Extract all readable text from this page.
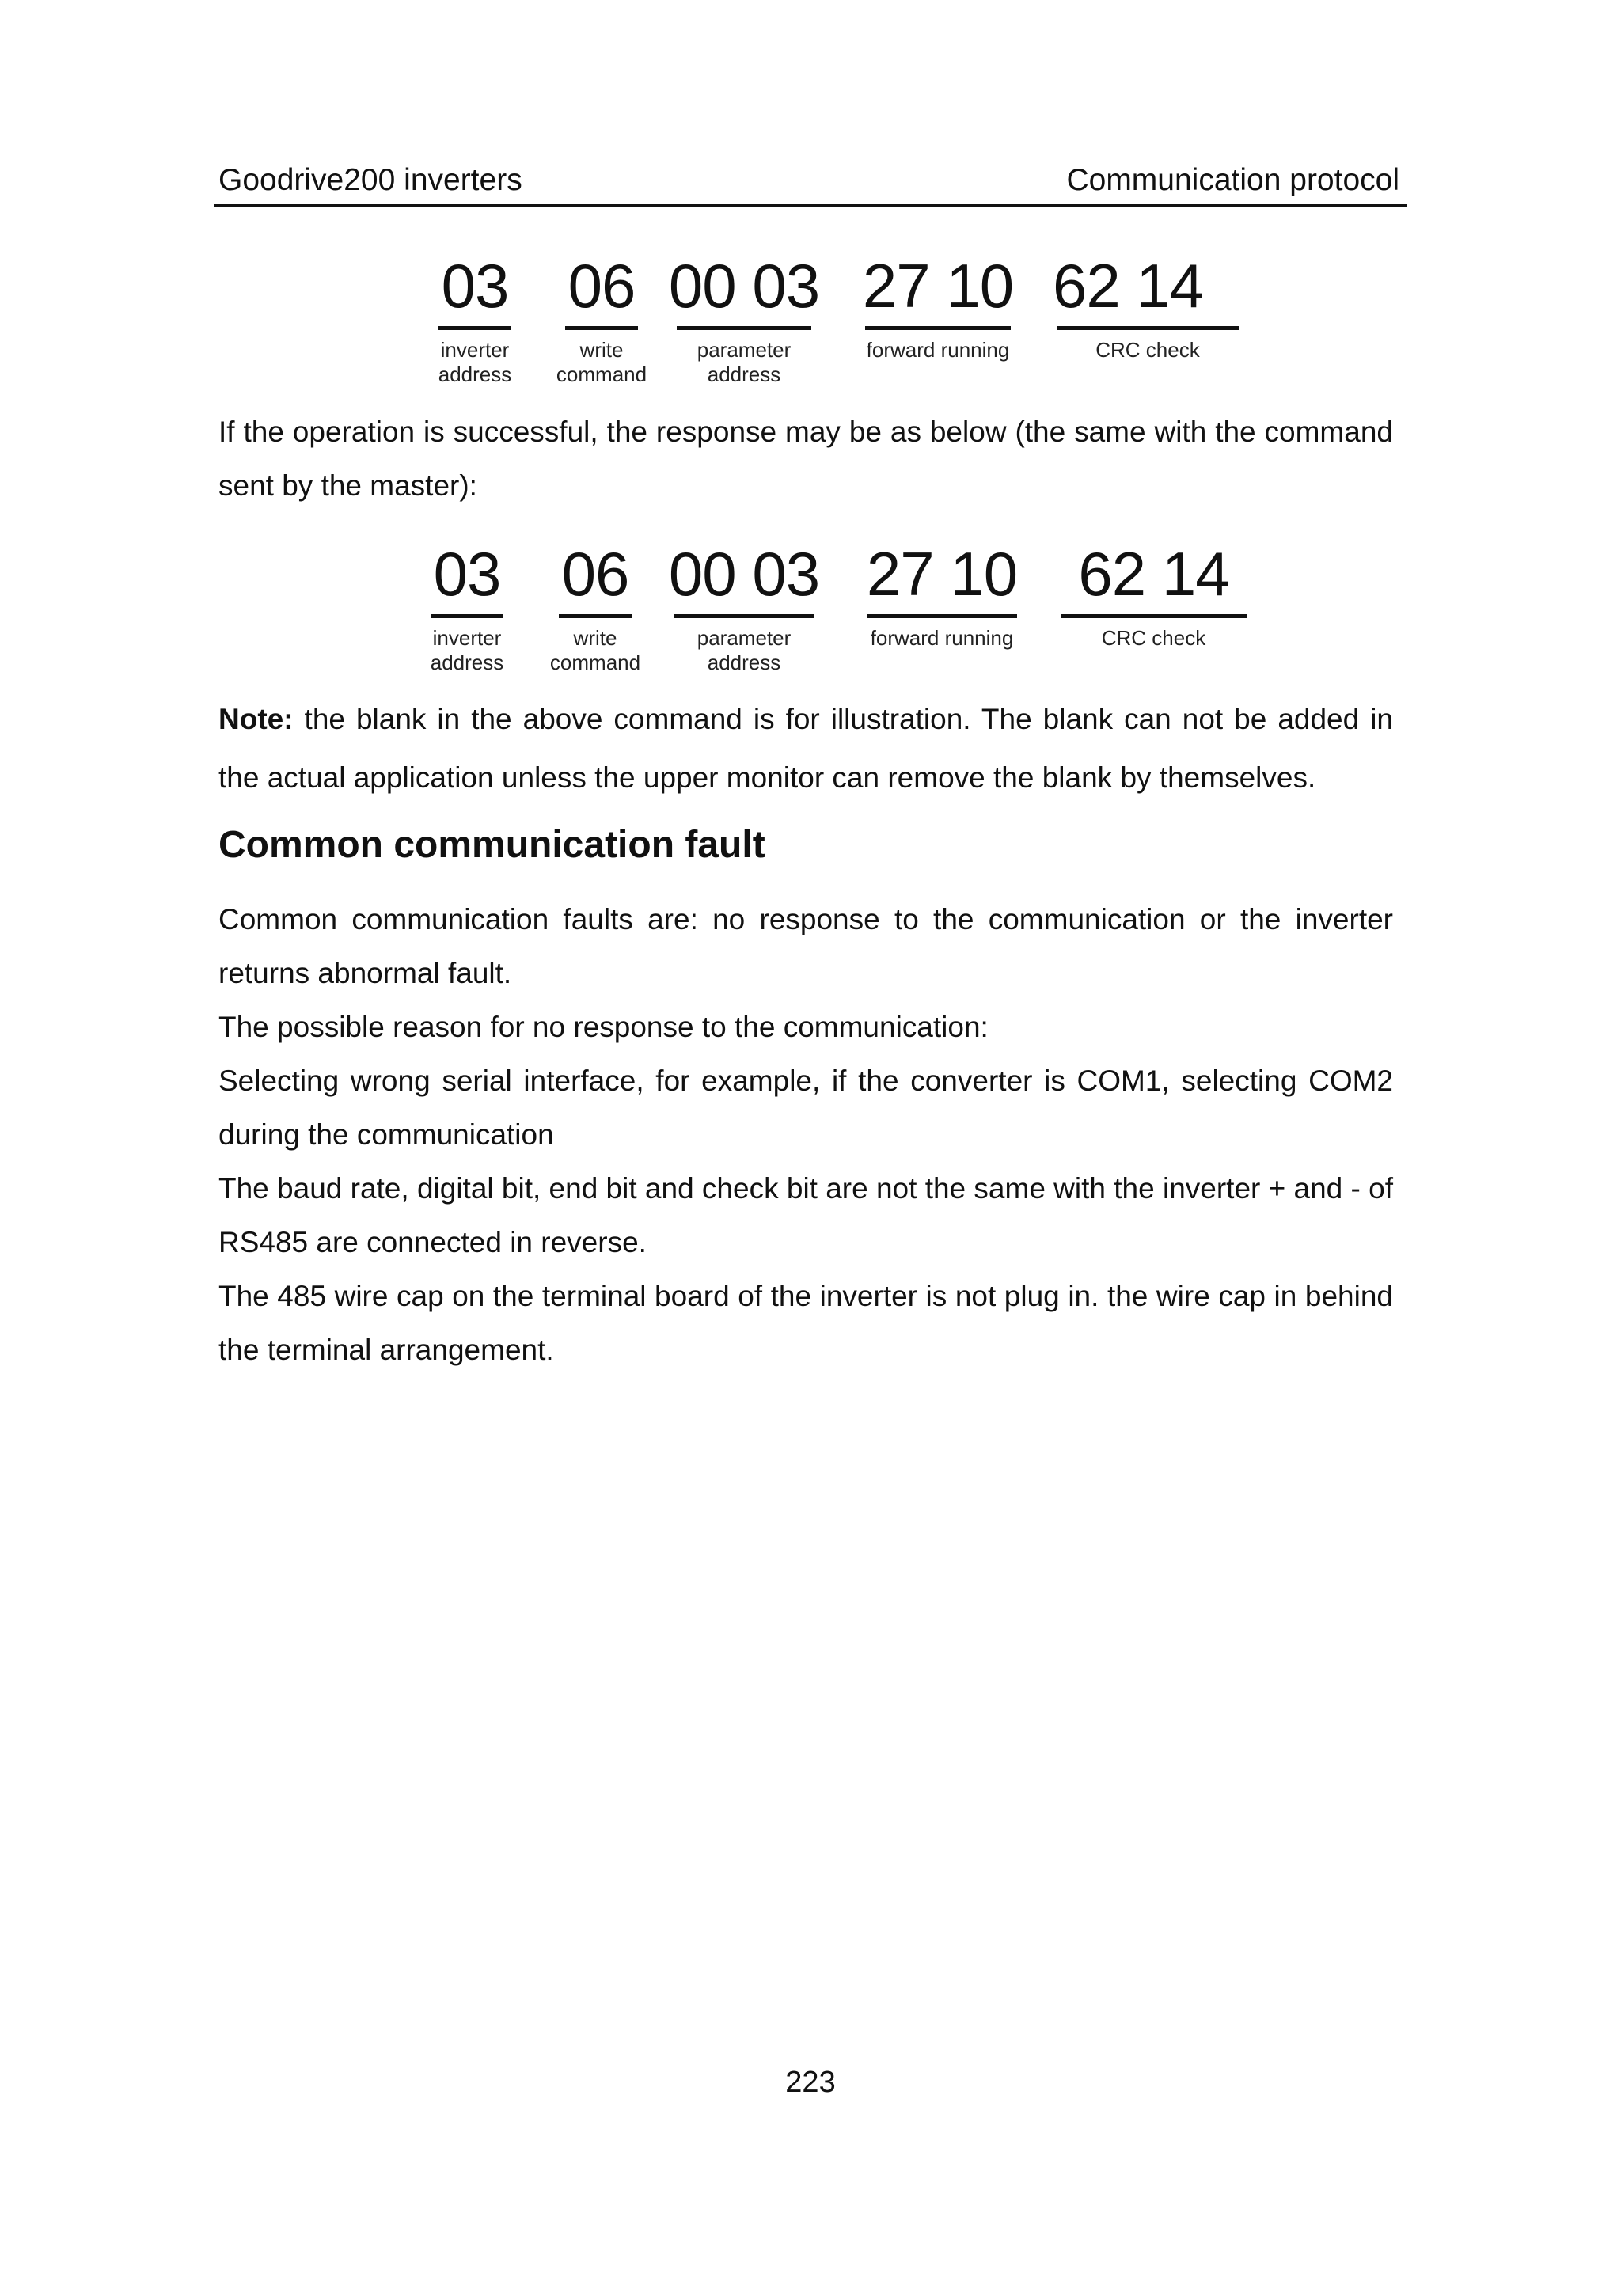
Goodrive200 inverters	Communication protocol
03
inverter
address
06
write
command
00 03
parameter
address
27 10
forward running
62 14
CRC check

If the operation is successful, the response may be as below (the same with the command sent by the master):

03
inverter
address
06
write
command
00 03
parameter
address
27 10
forward running
62 14
CRC check

Note: the blank in the above command is for illustration. The blank can not be added in the actual application unless the upper monitor can remove the blank by themselves.

Common communication fault

Common communication faults are: no response to the communication or the inverter returns abnormal fault.

The possible reason for no response to the communication:

Selecting wrong serial interface, for example, if the converter is COM1, selecting COM2 during the communication

The baud rate, digital bit, end bit and check bit are not the same with the inverter + and - of RS485 are connected in reverse.

The 485 wire cap on the terminal board of the inverter is not plug in. the wire cap in behind the terminal arrangement.

223
